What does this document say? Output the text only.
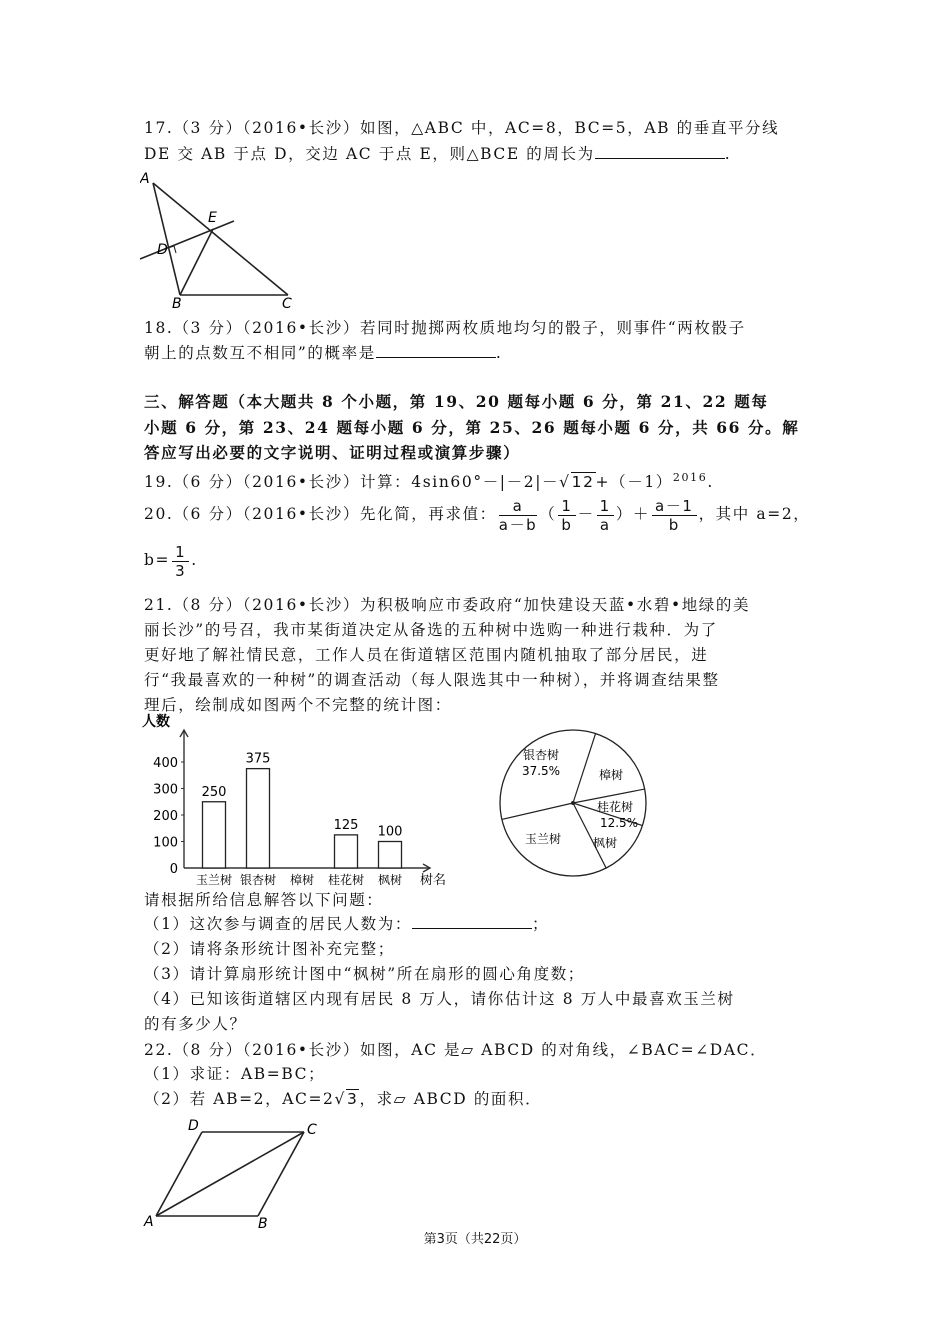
17.（3 分）（2016•长沙）如图，△ABC 中，AC=8，BC=5，AB 的垂直平分线
DE 交 AB 于点 D，交边 AC 于点 E，则△BCE 的周长为	.
A
D
E
B	C
18.（3 分）（2016•长沙）若同时抛掷两枚质地均匀的骰子，则事件“两枚骰子
朝上的点数互不相同”的概率是	.
三、解答题（本大题共 8 个小题，第 19、20 题每小题 6 分，第 21、22 题每
小题 6 分，第 23、24 题每小题 6 分，第 25、26 题每小题 6 分，共 66 分。解
答应写出必要的文字说明、证明过程或演算步骤）
19.（6 分）（2016•长沙）计算：$4\sin 60^\circ-|-2|-√12+(-1)^{2016}$.
20.（6 分）（2016•长沙）先化简，再求值： $\frac{a}{a-b}$ （ $\frac{1}{b} - \frac{1}{a}$ ）＋ $\frac{a-1}{b}$ ，其中 a=2，
$b= \frac{1}{3}$ .
21.（8 分）（2016•长沙）为积极响应市委政府“加快建设天蓝•水碧•地绿的美
丽长沙”的号召，我市某街道决定从备选的五种树中选购一种进行栽种．为了
更好地了解社情民意，工作人员在街道辖区范围内随机抽取了部分居民，进
行“我最喜欢的一种树”的调查活动（每人限选其中一种树），并将调查结果整
理后，绘制成如图两个不完整的统计图：
人数
树名
0
100
200
300
400
玉兰树
250
银杏树
375
樟树 桂花树
125
枫树
100
银杏树
37.5%	樟树
桂花树
12.5%
枫树
玉兰树
请根据所给信息解答以下问题：
（1）这次参与调查的居民人数为：	；
（2）请将条形统计图补充完整；
（3）请计算扇形统计图中“枫树”所在扇形的圆心角度数；
（4）已知该街道辖区内现有居民 8 万人，请你估计这 8 万人中最喜欢玉兰树
的有多少人？
22.（8 分）（2016•长沙）如图，AC 是▱ ABCD 的对角线，∠BAC=∠DAC．
（1）求证：AB=BC；
（2）若 AB=2，AC=2√3，求▱ ABCD 的面积．
A	B
C
D
第3页（共22页）
